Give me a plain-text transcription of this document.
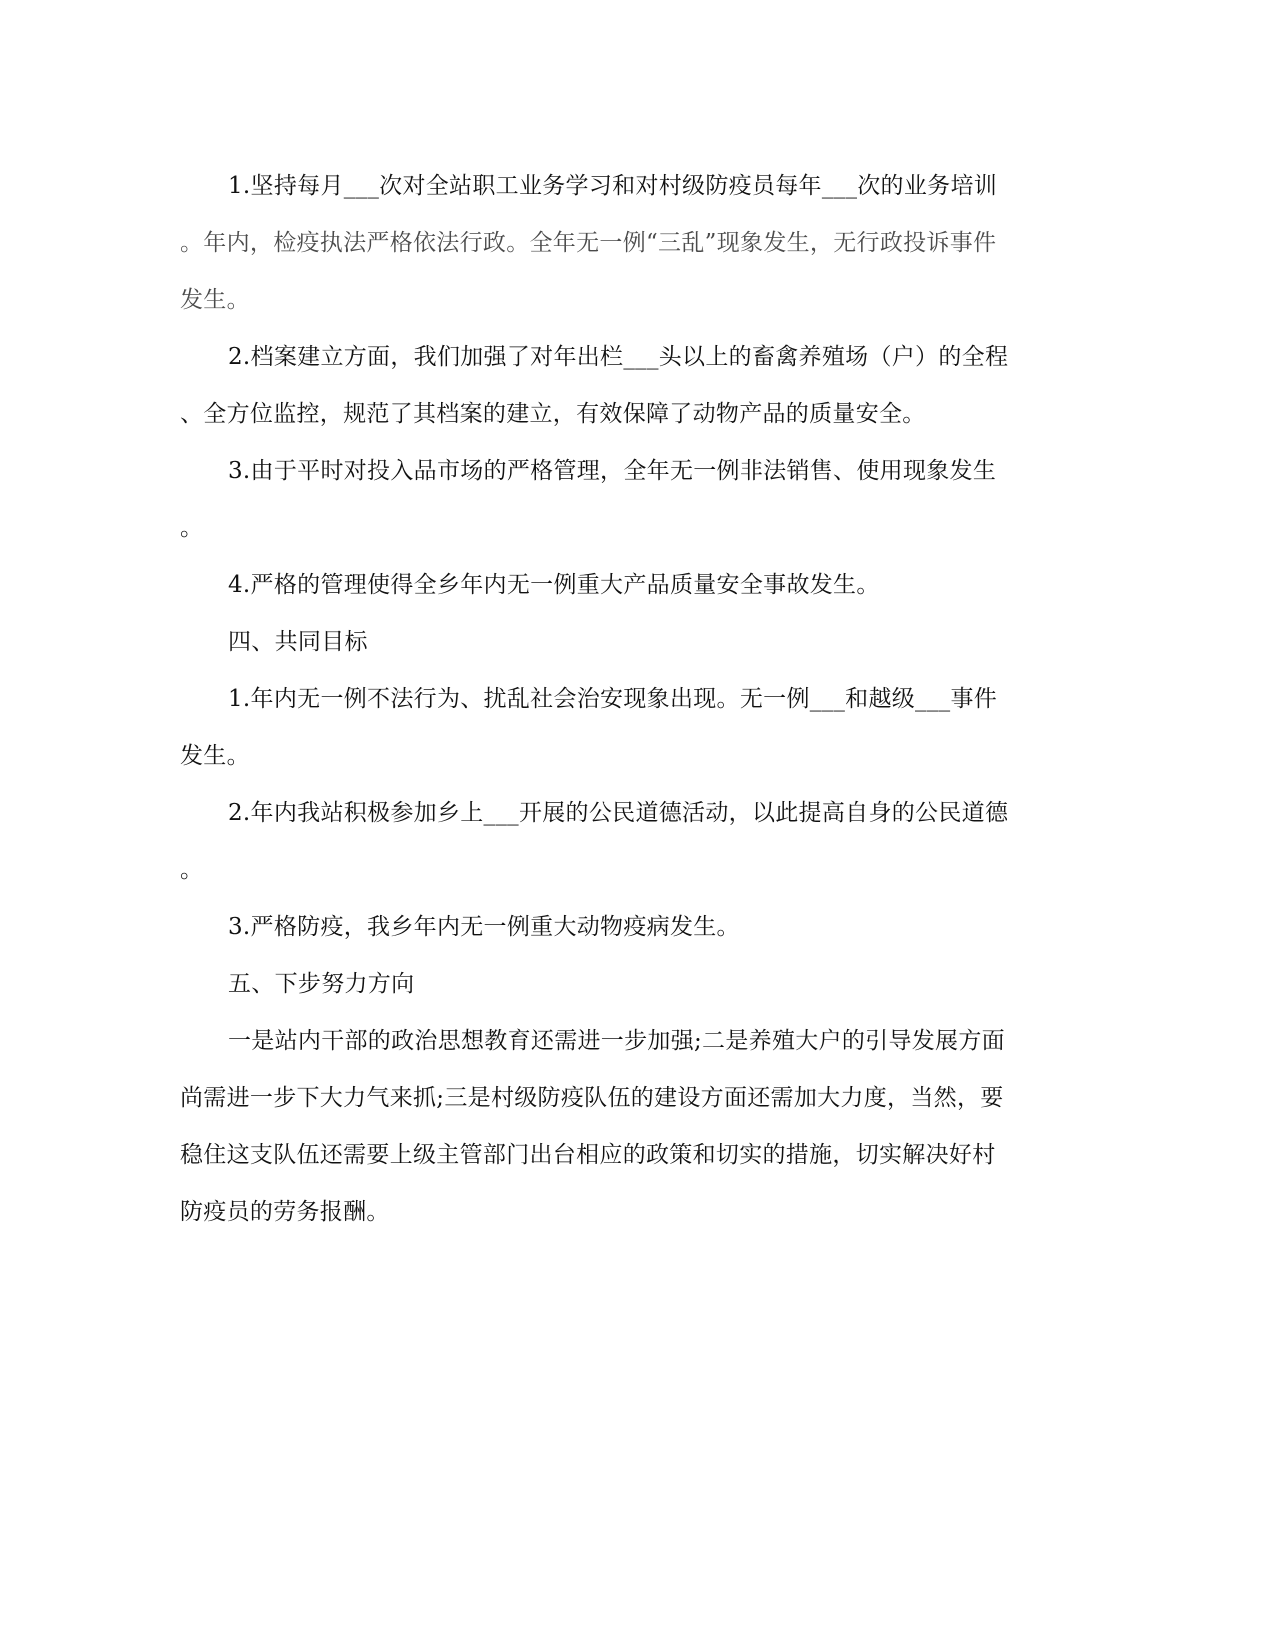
1.坚持每月___次对全站职工业务学习和对村级防疫员每年___次的业务培训
。年内，检疫执法严格依法行政。全年无一例“三乱”现象发生，无行政投诉事件
发生。
2.档案建立方面，我们加强了对年出栏___头以上的畜禽养殖场（户）的全程
、全方位监控，规范了其档案的建立，有效保障了动物产品的质量安全。
3.由于平时对投入品市场的严格管理，全年无一例非法销售、使用现象发生
。
4.严格的管理使得全乡年内无一例重大产品质量安全事故发生。
四、共同目标
1.年内无一例不法行为、扰乱社会治安现象出现。无一例___和越级___事件
发生。
2.年内我站积极参加乡上___开展的公民道德活动，以此提高自身的公民道德
。
3.严格防疫，我乡年内无一例重大动物疫病发生。
五、下步努力方向
一是站内干部的政治思想教育还需进一步加强;二是养殖大户的引导发展方面
尚需进一步下大力气来抓;三是村级防疫队伍的建设方面还需加大力度，当然，要
稳住这支队伍还需要上级主管部门出台相应的政策和切实的措施，切实解决好村
防疫员的劳务报酬。
